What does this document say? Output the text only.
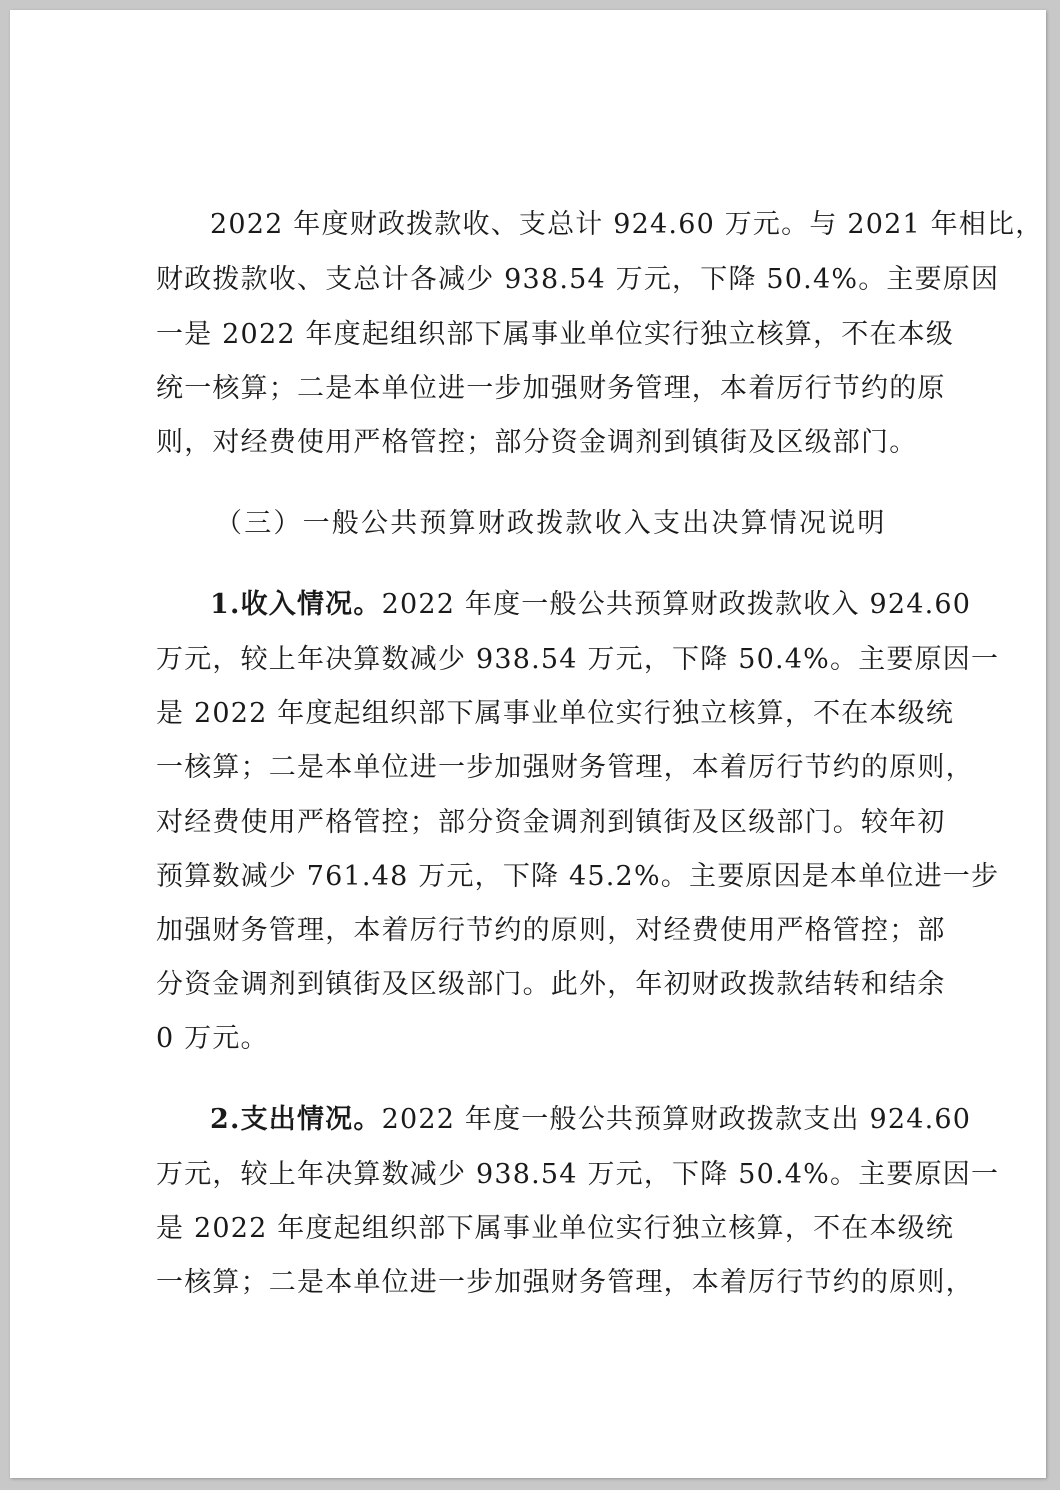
2022 年度财政拨款收、支总计 924.60 万元。与 2021 年相比，
财政拨款收、支总计各减少 938.54 万元，下降 50.4%。主要原因
一是 2022 年度起组织部下属事业单位实行独立核算，不在本级
统一核算；二是本单位进一步加强财务管理，本着厉行节约的原
则，对经费使用严格管控；部分资金调剂到镇街及区级部门。
（三）一般公共预算财政拨款收入支出决算情况说明
1.收入情况。2022 年度一般公共预算财政拨款收入 924.60
万元，较上年决算数减少 938.54 万元，下降 50.4%。主要原因一
是 2022 年度起组织部下属事业单位实行独立核算，不在本级统
一核算；二是本单位进一步加强财务管理，本着厉行节约的原则，
对经费使用严格管控；部分资金调剂到镇街及区级部门。较年初
预算数减少 761.48 万元，下降 45.2%。主要原因是本单位进一步
加强财务管理，本着厉行节约的原则，对经费使用严格管控；部
分资金调剂到镇街及区级部门。此外，年初财政拨款结转和结余
0 万元。
2.支出情况。2022 年度一般公共预算财政拨款支出 924.60
万元，较上年决算数减少 938.54 万元，下降 50.4%。主要原因一
是 2022 年度起组织部下属事业单位实行独立核算，不在本级统
一核算；二是本单位进一步加强财务管理，本着厉行节约的原则，
